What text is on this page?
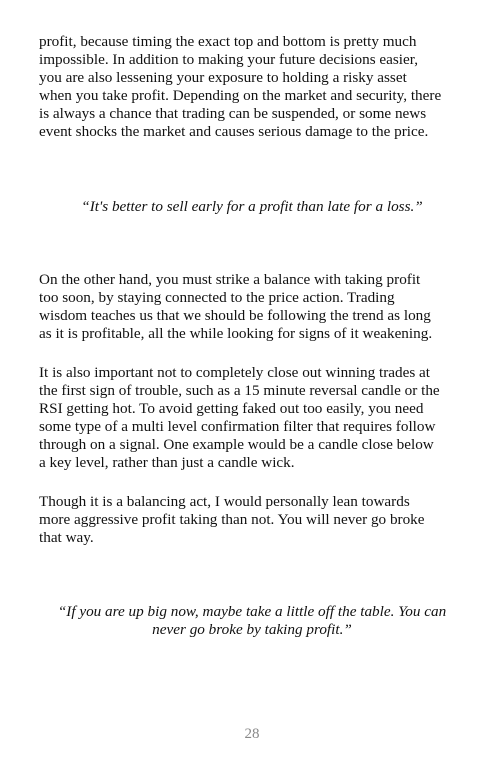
profit, because timing the exact top and bottom is pretty much
impossible. In addition to making your future decisions easier,
you are also lessening your exposure to holding a risky asset
when you take profit. Depending on the market and security, there
is always a chance that trading can be suspended, or some news
event shocks the market and causes serious damage to the price.

“It's better to sell early for a profit than late for a loss.”

On the other hand, you must strike a balance with taking profit
too soon, by staying connected to the price action. Trading
wisdom teaches us that we should be following the trend as long
as it is profitable, all the while looking for signs of it weakening.

It is also important not to completely close out winning trades at
the first sign of trouble, such as a 15 minute reversal candle or the
RSI getting hot. To avoid getting faked out too easily, you need
some type of a multi level confirmation filter that requires follow
through on a signal. One example would be a candle close below
a key level, rather than just a candle wick.

Though it is a balancing act, I would personally lean towards
more aggressive profit taking than not. You will never go broke
that way.

“If you are up big now, maybe take a little off the table. You can
never go broke by taking profit.”

28
